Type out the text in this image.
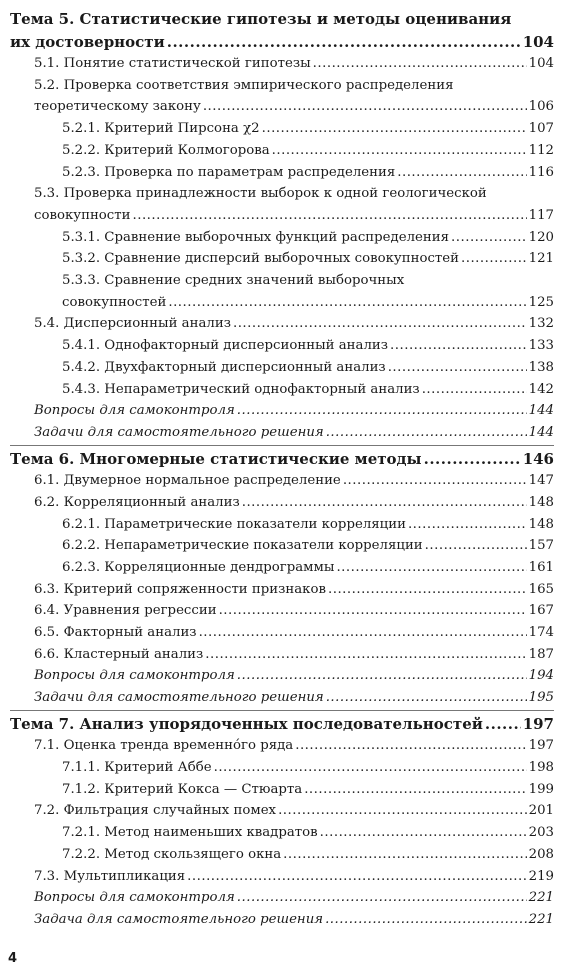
Тема 5. Статистические гипотезы и методы оценивания
их достоверности .....	104
5.1. Понятие статистической гипотезы .....	104
5.2. Проверка соответствия эмпирического распределения
теоретическому закону .....	106
5.2.1. Критерий Пирсона χ2 .....	107
5.2.2. Критерий Колмогорова .....	112
5.2.3. Проверка по параметрам распределения .....	116
5.3. Проверка принадлежности выборок к одной геологической
совокупности .....	117
5.3.1. Сравнение выборочных функций распределения .....	120
5.3.2. Сравнение дисперсий выборочных совокупностей .....	121
5.3.3. Сравнение средних значений выборочных
совокупностей .....	125
5.4. Дисперсионный анализ .....	132
5.4.1. Однофакторный дисперсионный анализ .....	133
5.4.2. Двухфакторный дисперсионный анализ .....	138
5.4.3. Непараметрический однофакторный анализ .....	142
Вопросы для самоконтроля .....	144
Задачи для самостоятельного решения .....	144
Тема 6. Многомерные статистические методы .....	146
6.1. Двумерное нормальное распределение .....	147
6.2. Корреляционный анализ .....	148
6.2.1. Параметрические показатели корреляции .....	148
6.2.2. Непараметрические показатели корреляции .....	157
6.2.3. Корреляционные дендрограммы .....	161
6.3. Критерий сопряженности признаков .....	165
6.4. Уравнения регрессии .....	167
6.5. Факторный анализ .....	174
6.6. Кластерный анализ .....	187
Вопросы для самоконтроля .....	194
Задачи для самостоятельного решения .....	195
Тема 7. Анализ упорядоченных последовательностей .....	197
7.1. Оценка тренда временно́го ряда .....	197
7.1.1. Критерий Аббе .....	198
7.1.2. Критерий Кокса — Стюарта .....	199
7.2. Фильтрация случайных помех .....	201
7.2.1. Метод наименьших квадратов .....	203
7.2.2. Метод скользящего окна .....	208
7.3. Мультипликация .....	219
Вопросы для самоконтроля .....	221
Задача для самостоятельного решения .....	221
4
